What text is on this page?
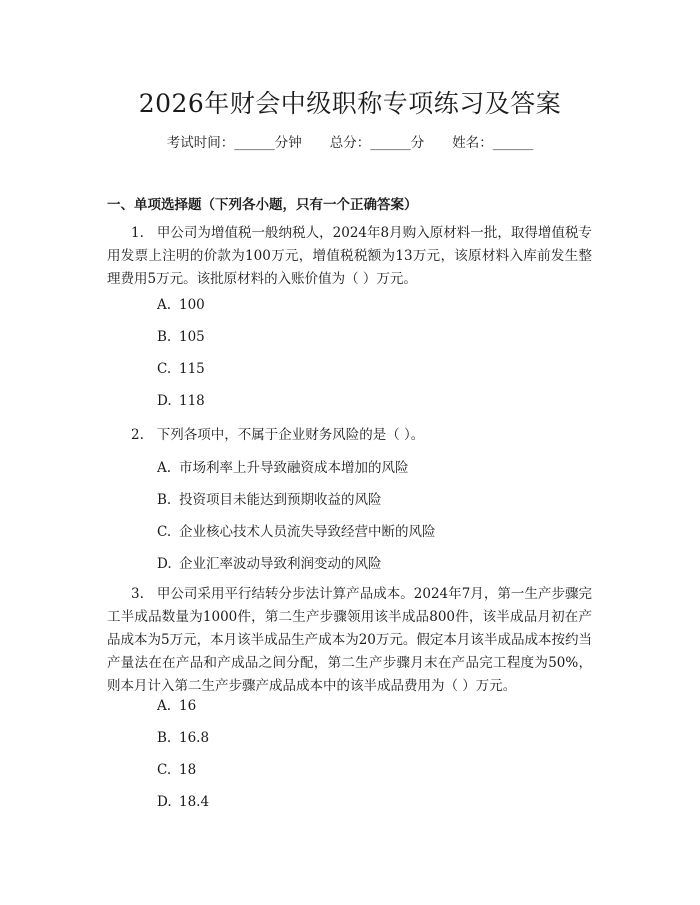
2026年财会中级职称专项练习及答案
考试时间：______分钟 总分：______分 姓名：______
一、单项选择题（下列各小题，只有一个正确答案）
1. 甲公司为增值税一般纳税人，2024年8月购入原材料一批，取得增值税专用发票上注明的价款为100万元，增值税税额为13万元，该原材料入库前发生整理费用5万元。该批原材料的入账价值为（ ）万元。
A. 100
B. 105
C. 115
D. 118
2. 下列各项中，不属于企业财务风险的是（ ）。
A. 市场利率上升导致融资成本增加的风险
B. 投资项目未能达到预期收益的风险
C. 企业核心技术人员流失导致经营中断的风险
D. 企业汇率波动导致利润变动的风险
3. 甲公司采用平行结转分步法计算产品成本。2024年7月，第一生产步骤完工半成品数量为1000件，第二生产步骤领用该半成品800件，该半成品月初在产品成本为5万元，本月该半成品生产成本为20万元。假定本月该半成品成本按约当产量法在在产品和产成品之间分配，第二生产步骤月末在产品完工程度为50%，则本月计入第二生产步骤产成品成本中的该半成品费用为（ ）万元。
A. 16
B. 16.8
C. 18
D. 18.4
